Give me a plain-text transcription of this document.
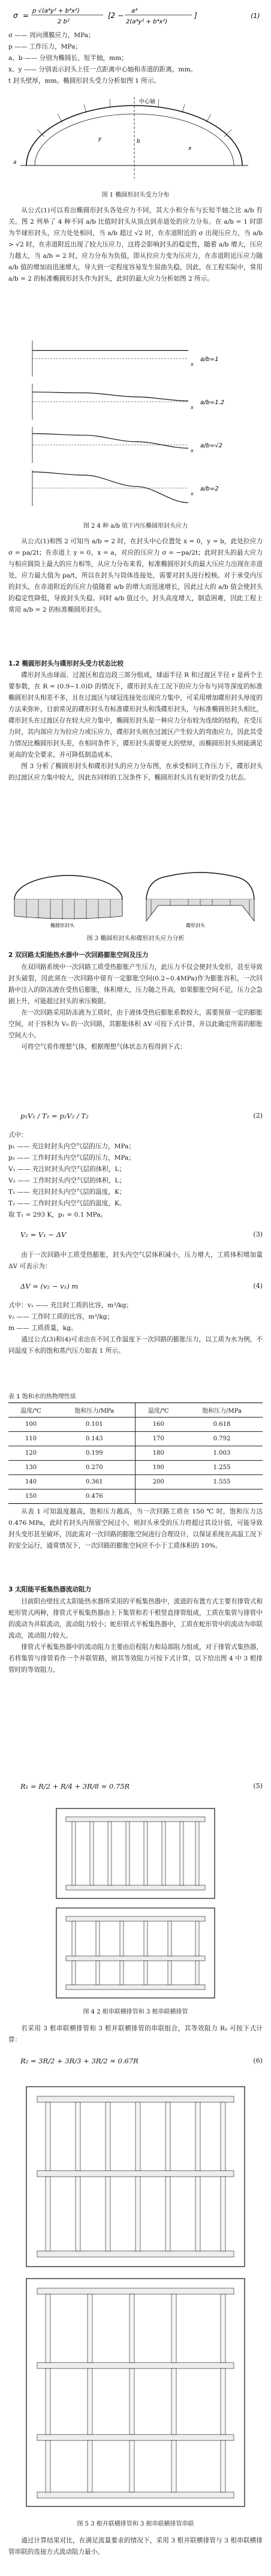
σ =
p √(a⁴y² + b⁴x²)
2 b²
[2 −
a⁴
2(a⁴y² + b⁴x²)
]	(1)

σ —— 周向薄膜应力，MPa；

p —— 工作压力，MPa；

a、b —— 分别为椭圆长、短半轴，mm；

x、y —— 分别表示封头上任一点距离中心轴和赤道的距离，mm。

t 封头壁厚，mm。椭圆形封头受力分析如图 1 所示。

中心轴
a
b
x
y
图 1 椭圆形封头受力分布

从公式(1)可以看出椭圆形封头各处应力不同，其大小和分布与长短半轴之比 a/b 有关。图 2 列举了 4 种不同 a/b 比值时封头从顶点到赤道处的应力分布。在 a/b = 1 时即为半球形封头，应力处处相同，当 a/b 超过 √2 时，在赤道附近的 σ 出现压应力，当 a/b > √2 时，在赤道附近出现了较大压应力，这将会影响封头的稳定性，随着 a/b 增大，压应力越大，当 a/b = 2 时，应力分布为负值，即从拉应力变为压应力，在赤道附近压应力随 a/b 值的增加而迅速增大，导大到一定程度容易发生屈曲失稳，因此，在工程实际中，常用 a/b = 2 的标准椭圆形封头作为封头，此时的最大应力分析如图 2 所示。

a/b=1
x
a/b=1.2
x
a/b=√2
x
a/b=2
x
图 2 4 种 a/b 值下内压椭圆形封头应力

从公式(1)和图 2 可知当 a/b = 2 时，在封头中心位置处 x = 0，y = b，此处拉应力 σ = pa/2t；在赤道上 y = 0，x = a，对应的压应力 σ = −pa/2t；此时封头的最大应力与相应圆筒上最大的应力相等，从应力分布来看，标准椭圆形封头的最大压应力出现在赤道处，应力最大值为 pa/t，所以在封头与筒体连接处，需要对封头进行校核。对于承受内压的封头，在赤道附近的压应力值随着 a/b 的增大而迅速增长，因此过大的 a/b 值会使封头的稳定性降低，导致封头失稳。同时 a/b 值过小，封头高度增大，制造困难，因此工程上常用 a/b = 2 的标准椭圆形封头。

1.2 椭圆形封头与碟形封头受力状态比较

碟形封头由球面、过渡区和直边段三部分组成，球面半径 R 和过渡区半径 r 是两个主要参数，在 R = (0.9~1.0)D 的情况下，碟形封头在工况下的应力分布与同等深度的标准椭圆形封头相差不多，且在过渡区与球冠连接处出现应力集中，可采用增加碟形封头厚度的方法来弥补，目前常见的碟形封头有标准碟形封头和浅碟形封头，与标准椭圆形封头相比，碟形封头在过渡区存在较大应力集中，椭圆形封头是一种应力分布较为连续的结构，在受压力时，其内部应力为拉应力或压应力，碟形封头则在过渡区产生较大的弯曲应力，因此其受力情况比椭圆形封头差，在相同条件下，碟形封头需要更大的壁厚，而椭圆形封头则能满足更高的安全要求，并可降低制造成本。

图 3 分析了椭圆形封头和碟形封头的应力分布图，在承受相同工作压力下，碟形封头的过渡区应力集中较大，因此在同样的工况条件下，椭圆形封头具有更好的受力状态。

椭圆形封头	碟形封头
图 3 椭圆形封头和碟形封头应力分析

2 双回路太阳能热水器中一次回路膨胀空间及压力

在双回路系统中一次回路工质受热膨胀产生压力，此压力不仅会使封头变形，甚至导致封头破裂，因此须在一次回路中留有一定膨胀空间(0.2~0.4MPa)作为膨胀容积。一次回路中注入的防冻液在受热后膨胀，体积增大，压力随之升高，如果膨胀空间不足，压力会急剧上升，可能超过封头的承压极限。

在一次回路采用防冻液为工质时，由于液体受热后膨胀系数较大，需要预留一定的膨胀空间，对于容积为 V₀ 的一次回路，其膨胀体积 ΔV 可按下式计算，并以此确定所需的膨胀空间大小。

可将空气看作理想气体，根据理想气体状态方程得到下式：

p₁V₁ / T₁ = p₂V₂ / T₂	(2)

式中：

p₁ —— 充注时封头内空气层的压力，MPa；

p₂ —— 工作时封头内空气层的压力，MPa；

V₁ —— 充注时封头内空气层的体积，L；

V₂ —— 工作时封头内空气层的体积，L；

T₁ —— 充注时封头内空气层的温度，K；

T₂ —— 工作时封头内空气层的温度，K。

取 T₁ = 293 K，p₁ = 0.1 MPa。

V₂ = V₁ − ΔV	(3)

由于一次回路中工质受热膨胀，封头内空气层体积减小，压力增大，工质体积增加量 ΔV 可表示为：

ΔV = (v₂ − v₁) m	(4)

式中：v₁ —— 充注时工质的比容，m³/kg；

v₂ —— 工作时工质的比容，m³/kg；

m —— 工质质量，kg。

通过公式(3)和(4)可求出在不同工作温度下一次回路的膨胀压力，以工质为水为例，不同温度下水的饱和蒸汽压力如表 1 所示。

表 1 饱和水的热物理性质

温度/℃	饱和压力/MPa	温度/℃	饱和压力/MPa
100	0.101	160	0.618
110	0.143	170	0.792
120	0.199	180	1.003
130	0.270	190	1.255
140	0.361	200	1.555
150	0.476		

从表 1 可知温度越高，饱和压力越高，当一次回路工质在 150 ℃ 时，饱和压力达 0.476 MPa，此时若封头内预留空间过小，则封头承受的压力将超过其设计值，可能导致封头变形甚至破坏，因此需对一次回路的膨胀空间进行合理设计，以保证系统在高温工况下的安全运行，通常情况下，一次回路的膨胀空间应不小于工质体积的 10%。

3 太阳能平板集热器流动阻力

目前阳台壁挂式太阳能热水器所采用的平板集热器中，流道的布置方式主要有排管式和蛇形管式两种，排管式平板集热器由上下集管和若干根竖直排管组成，工质在集管与排管中的流动为并联流动，流动阻力较小；蛇形管式平板集热器中，工质在蛇形管中的流动为串联流动，流动阻力较大。

排管式平板集热器中的流动阻力主要由沿程阻力和局部阻力组成，对于排管式集热器，若将集管与排管看作一个并联管路，则其等效阻力可按下式计算，以下给出图 4 中 3 根排管时的等效阻力。

R₁ = R/2 + R/4 + 3R/8 ≈ 0.75R	(5)
图 4 2 根串联横排管和 3 根串联横排管

若采用 3 根串联横排管和 3 根并联横排管的串联组合，其等效阻力 R₂ 可按下式计算：

R₂ = 3R/2 + 3R/3 + 3R/2 ≈ 0.67R	(6)
图 5 3 根并联横排管和 3 根串联横排管串联

通过计算结果对比，在满足流量要求的情况下，采用 3 根并联横排管与 3 根串联横排管串联的连接方式流动阻力最小。
